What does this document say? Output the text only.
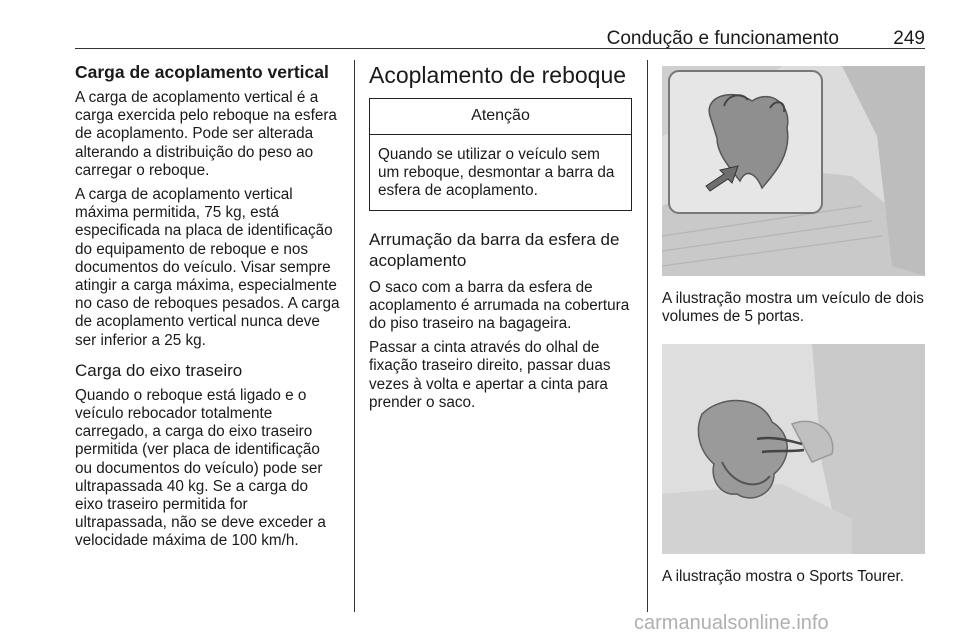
Condução e funcionamento	249
Carga de acoplamento vertical

A carga de acoplamento vertical é a carga exercida pelo reboque na esfera de acoplamento. Pode ser alterada alterando a distribuição do peso ao carregar o reboque.

A carga de acoplamento vertical máxima permitida, 75 kg, está especificada na placa de identificação do equipamento de reboque e nos documentos do veículo. Visar sempre atingir a carga máxima, especialmente no caso de reboques pesados. A carga de acoplamento vertical nunca deve ser inferior a 25 kg.

Carga do eixo traseiro

Quando o reboque está ligado e o veículo rebocador totalmente carregado, a carga do eixo traseiro permitida (ver placa de identificação ou documentos do veículo) pode ser ultrapassada 40 kg. Se a carga do eixo traseiro permitida for ultrapassada, não se deve exceder a velocidade máxima de 100 km/h.

Acoplamento de reboque
Atenção
Quando se utilizar o veículo sem um reboque, desmontar a barra da esfera de acoplamento.
Arrumação da barra da esfera de acoplamento

O saco com a barra da esfera de acoplamento é arrumada na cobertura do piso traseiro na bagageira.

Passar a cinta através do olhal de fixação traseiro direito, passar duas vezes à volta e apertar a cinta para prender o saco.

A ilustração mostra um veículo de dois volumes de 5 portas.
A ilustração mostra o Sports Tourer.
carmanualsonline.info
